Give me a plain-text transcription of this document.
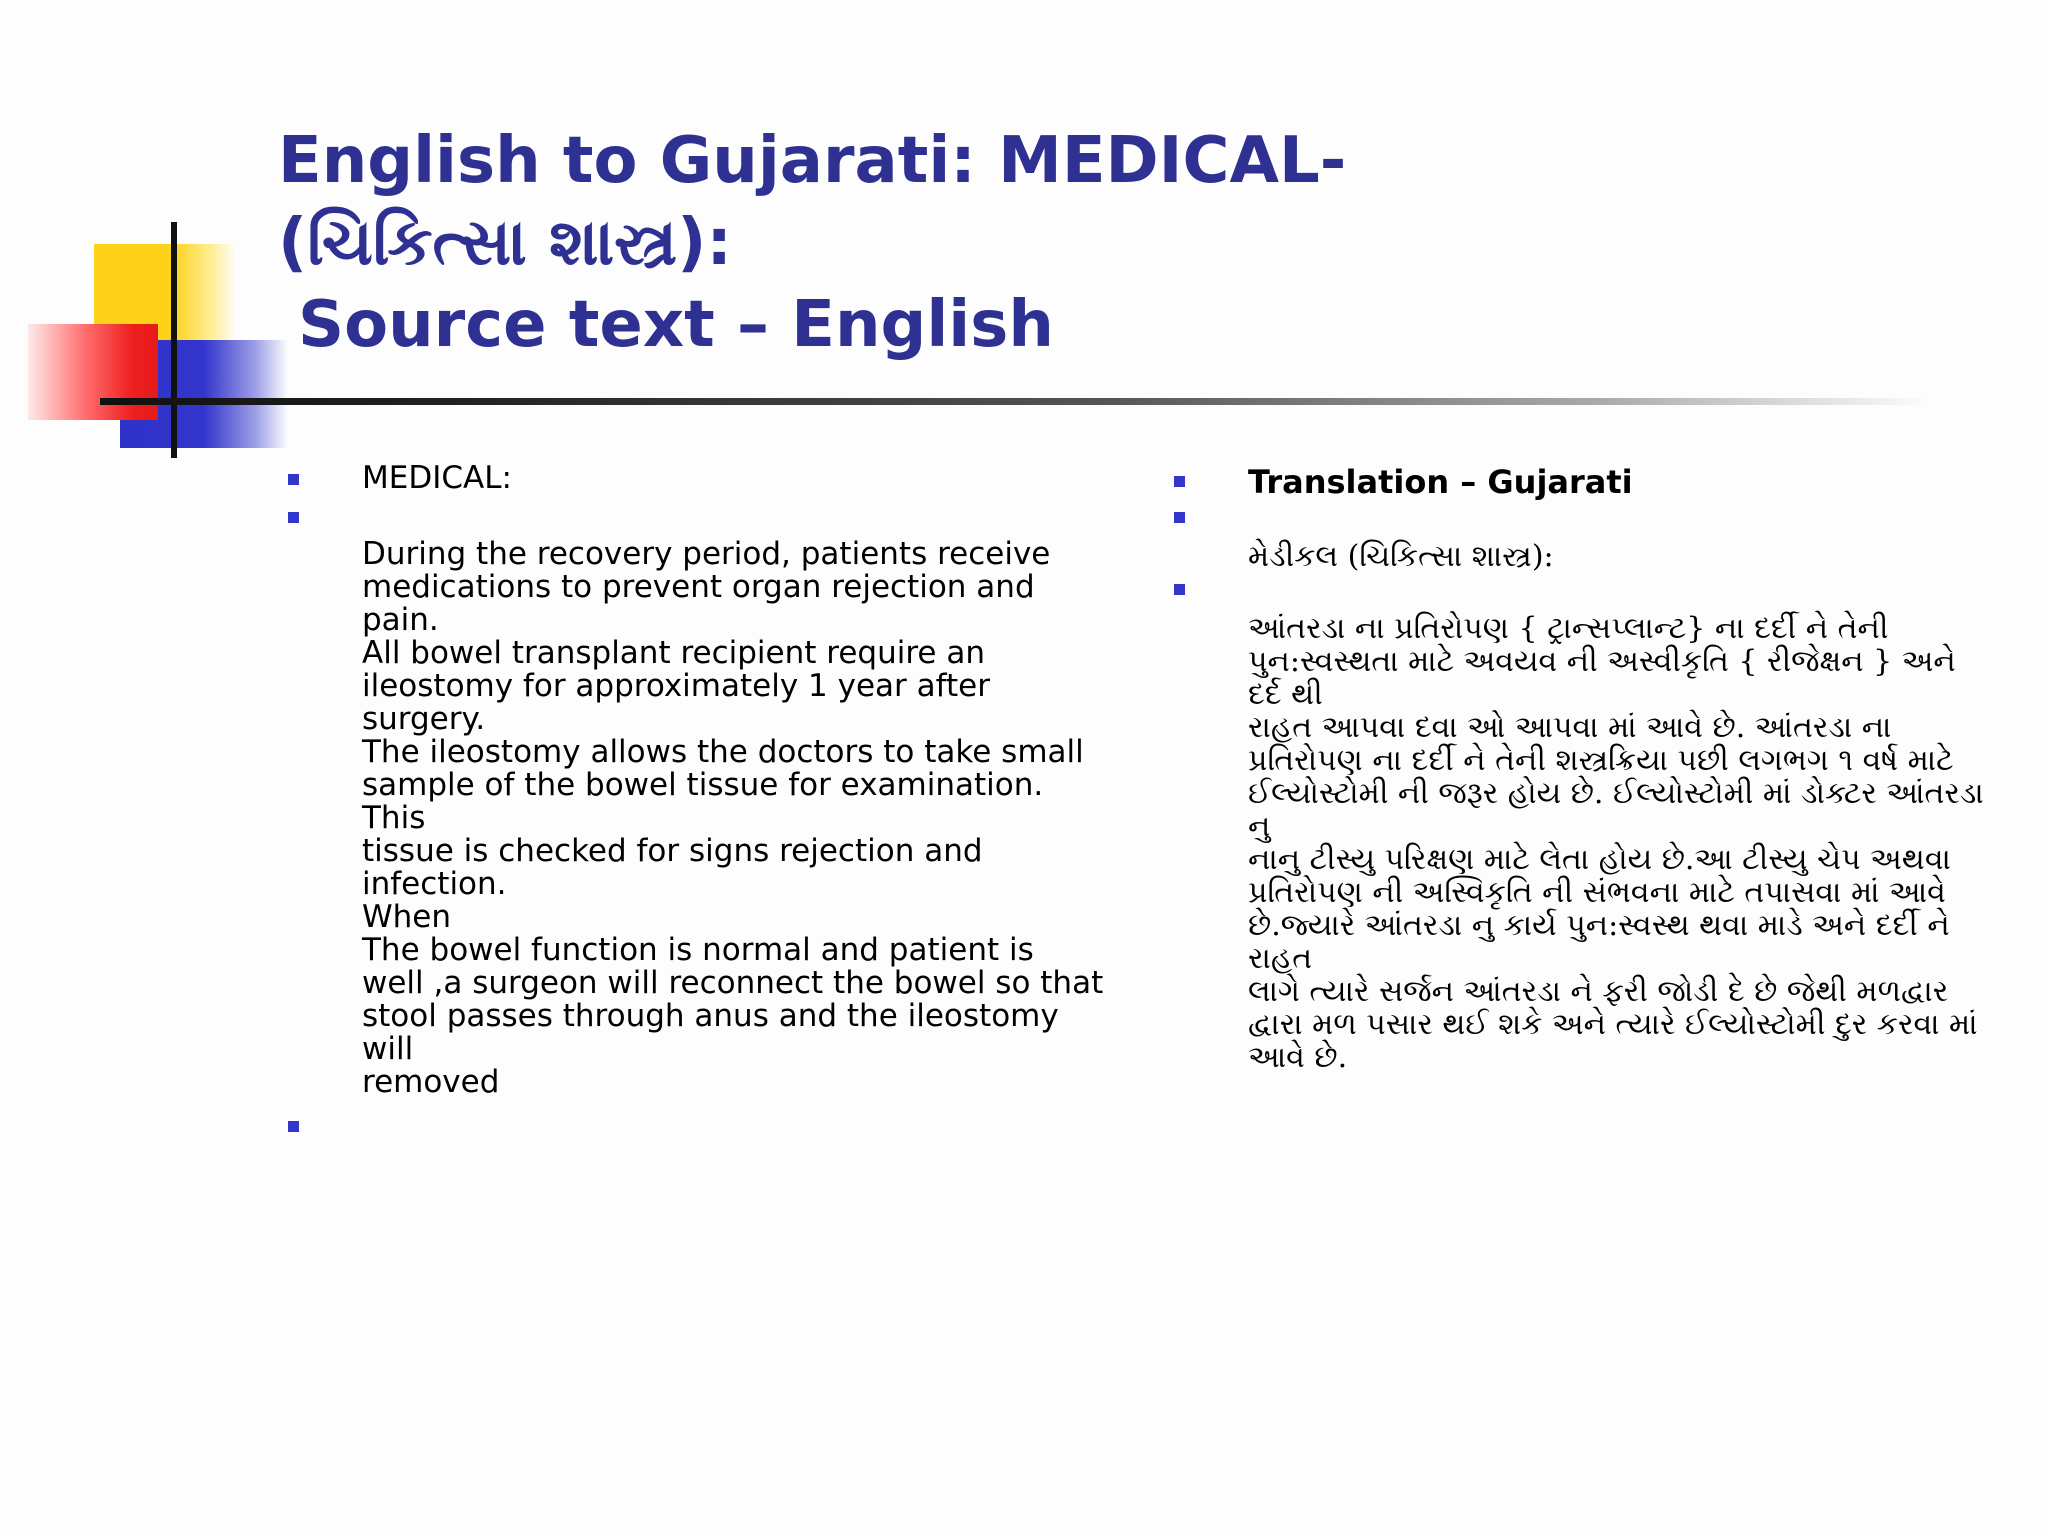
English to Gujarati: MEDICAL-
(ચિકિત્સા શાસ્ત્ર):
Source text – English
MEDICAL:
During the recovery period, patients receive
medications to prevent organ rejection and pain.
All bowel transplant recipient require an
ileostomy for approximately 1 year after surgery.
The ileostomy allows the doctors to take small
sample of the bowel tissue for examination. This
tissue is checked for signs rejection and infection.
When
The bowel function is normal and patient is
well ,a surgeon will reconnect the bowel so that
stool passes through anus and the ileostomy will
removed
Translation – Gujarati
મેડીકલ (ચિકિત્સા શાસ્ત્ર):
આંતરડા ના પ્રતિરોપણ { ટ્રાન્સપ્લાન્ટ} ના દર્દી ને તેની
પુન:સ્વસ્થતા માટે અવયવ ની અસ્વીકૃતિ { રીજેક્ષન } અને દર્દ થી
રાહત આપવા દવા ઓ આપવા માં આવે છે. આંતરડા ના
પ્રતિરોપણ ના દર્દી ને તેની શસ્ત્રક્રિયા પછી લગભગ ૧ વર્ષ માટે
ઈલ્યોસ્ટોમી ની જરૂર હોય છે. ઈલ્યોસ્ટોમી માં ડોક્ટર આંતરડા નુ
નાનુ ટીસ્યુ પરિક્ષણ માટે લેતા હોય છે.આ ટીસ્યુ ચેપ અથવા
પ્રતિરોપણ ની અસ્વિકૃતિ ની સંભવના માટે તપાસવા માં આવે
છે.જ્યારે આંતરડા નુ કાર્ય પુન:સ્વસ્થ થવા માડે અને દર્દી ને રાહત
લાગે ત્યારે સર્જન આંતરડા ને ફરી જોડી દે છે જેથી મળદ્વાર
દ્વારા મળ પસાર થઈ શકે અને ત્યારે ઈલ્યોસ્ટોમી દુર કરવા માં
આવે છે.
